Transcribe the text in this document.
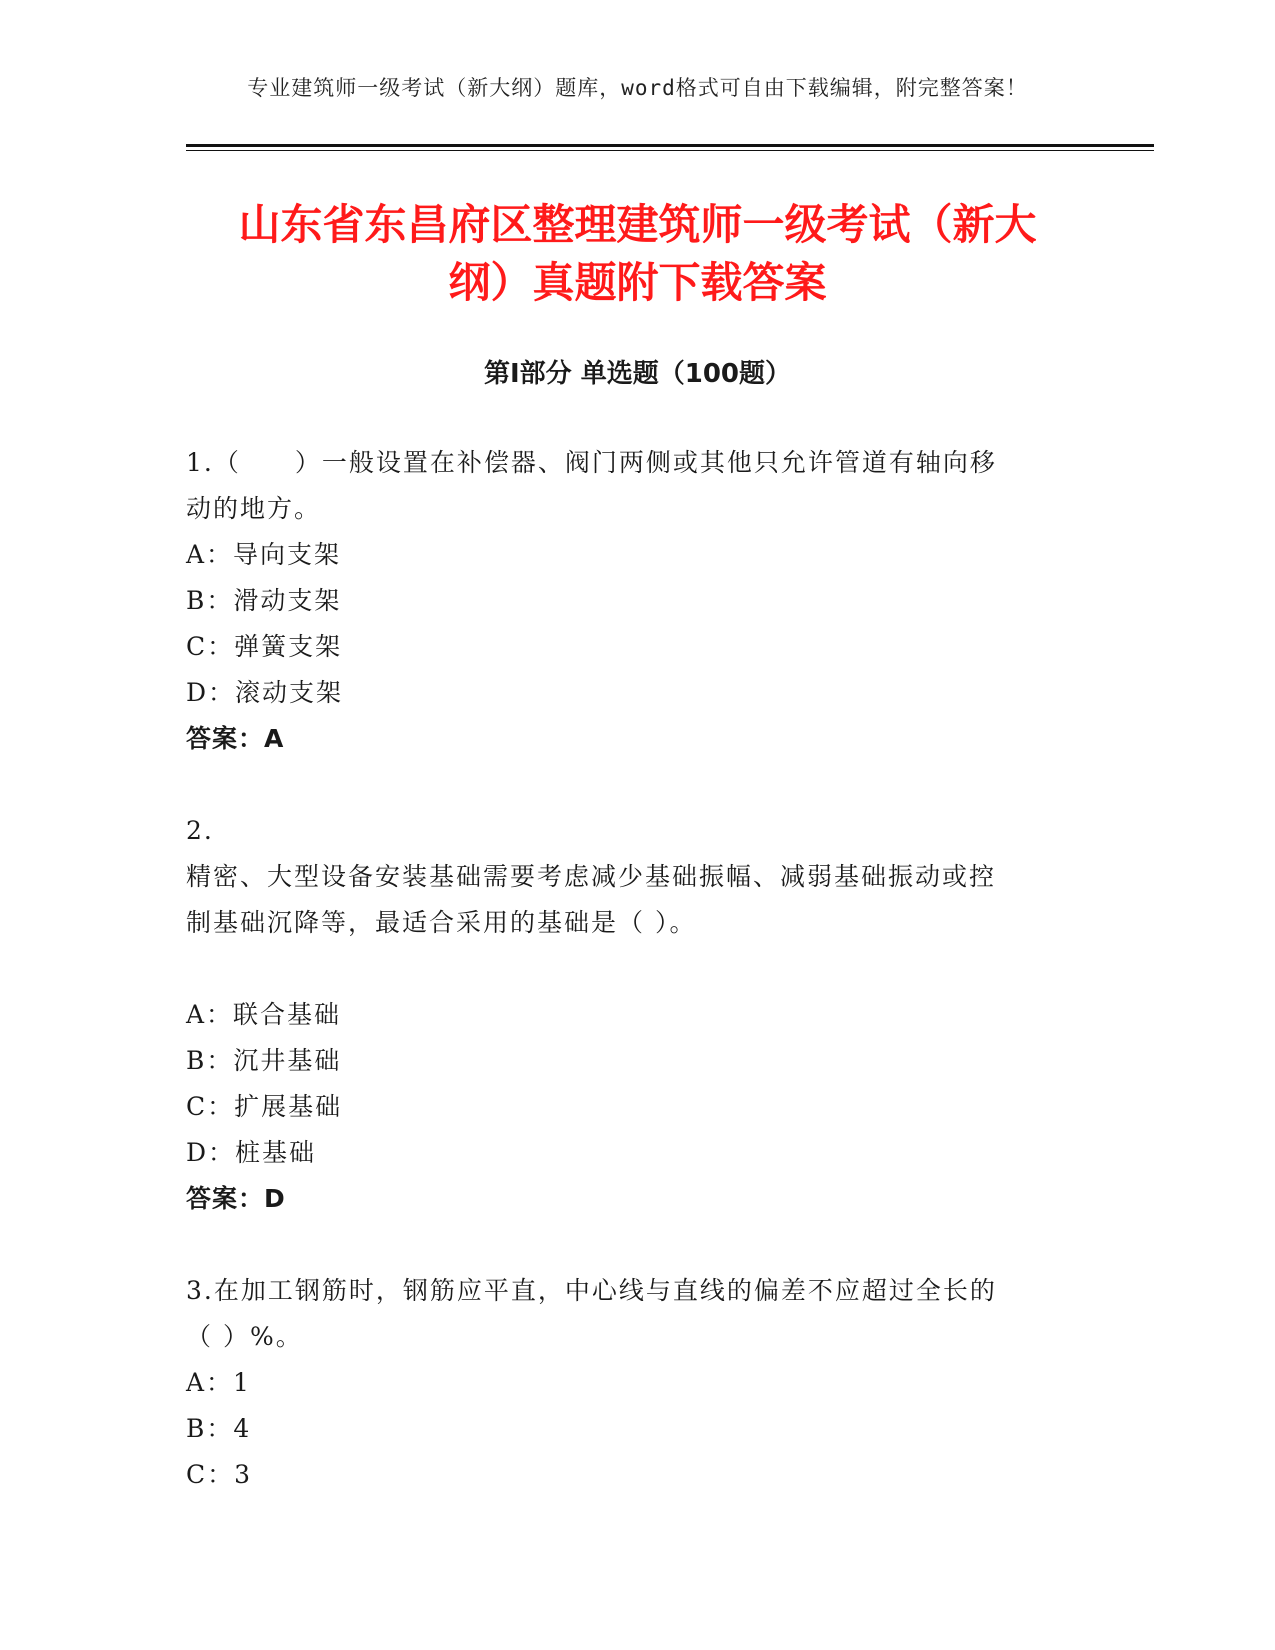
专业建筑师一级考试（新大纲）题库，word格式可自由下载编辑，附完整答案！
山东省东昌府区整理建筑师一级考试（新大
纲）真题附下载答案
第Ⅰ部分 单选题（100题）
1.（　　）一般设置在补偿器、阀门两侧或其他只允许管道有轴向移
动的地方。
A：导向支架
B：滑动支架
C：弹簧支架
D：滚动支架
答案：A
2.
精密、大型设备安装基础需要考虑减少基础振幅、减弱基础振动或控
制基础沉降等，最适合采用的基础是（ ）。
A：联合基础
B：沉井基础
C：扩展基础
D：桩基础
答案：D
3.在加工钢筋时，钢筋应平直，中心线与直线的偏差不应超过全长的
（ ）%。
A：1
B：4
C：3
